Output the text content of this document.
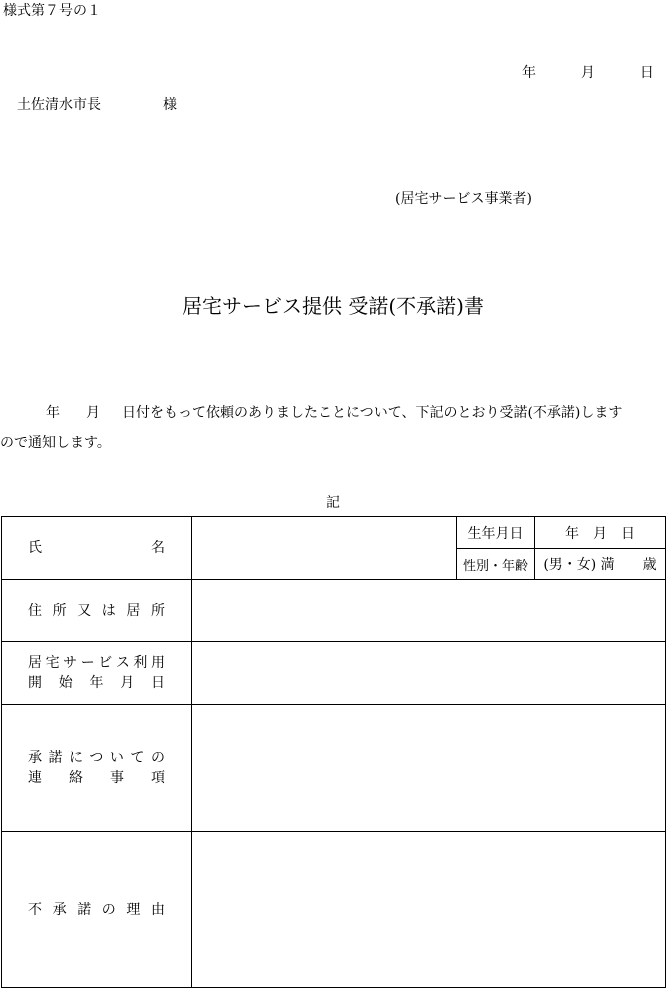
様式第７号の１
年	月	日
土佐清水市長	様
(居宅サービス事業者)
居宅サービス提供 受諾(不承諾)書
年 月 日付をもって依頼のありましたことについて、下記のとおり受諾(不承諾)します
ので通知します。
記
氏 名		生年月日	年　月　日
		性別・年齢	(男・女) 満　　歳

住所又は居所			

居宅サービス利用
開始年月日			

承諾についての
連絡事項			

不承諾の理由			
